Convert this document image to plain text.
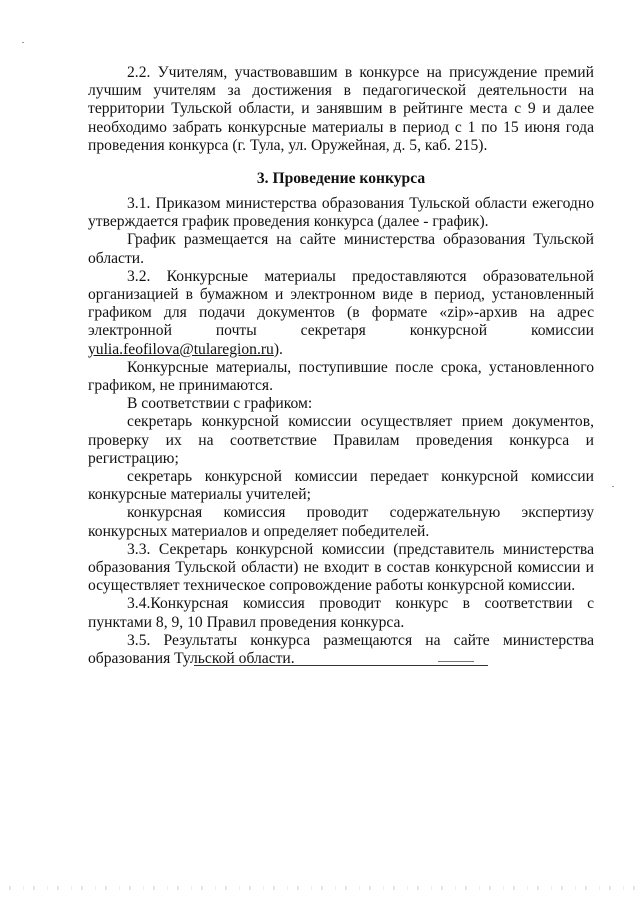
2.2. Учителям, участвовавшим в конкурсе на присуждение премий лучшим учителям за достижения в педагогической деятельности на территории Тульской области, и занявшим в рейтинге места с 9 и далее необходимо забрать конкурсные материалы в период с 1 по 15 июня года проведения конкурса (г. Тула, ул. Оружейная, д. 5, каб. 215).

3. Проведение конкурса

3.1. Приказом министерства образования Тульской области ежегодно утверждается график проведения конкурса (далее - график).

График размещается на сайте министерства образования Тульской области.

3.2. Конкурсные материалы предоставляются образовательной организацией в бумажном и электронном виде в период, установленный графиком для подачи документов (в формате «zip»-архив на адрес электронной почты секретаря конкурсной комиссии yulia.feofilova@tularegion.ru).

Конкурсные материалы, поступившие после срока, установленного графиком, не принимаются.

В соответствии с графиком:

секретарь конкурсной комиссии осуществляет прием документов, проверку их на соответствие Правилам проведения конкурса и регистрацию;

секретарь конкурсной комиссии передает конкурсной комиссии конкурсные материалы учителей;

конкурсная комиссия проводит содержательную экспертизу конкурсных материалов и определяет победителей.

3.3. Секретарь конкурсной комиссии (представитель министерства образования Тульской области) не входит в состав конкурсной комиссии и осуществляет техническое сопровождение работы конкурсной комиссии.

3.4.Конкурсная комиссия проводит конкурс в соответствии с пунктами 8, 9, 10 Правил проведения конкурса.

3.5. Результаты конкурса размещаются на сайте министерства образования Тульской области.
